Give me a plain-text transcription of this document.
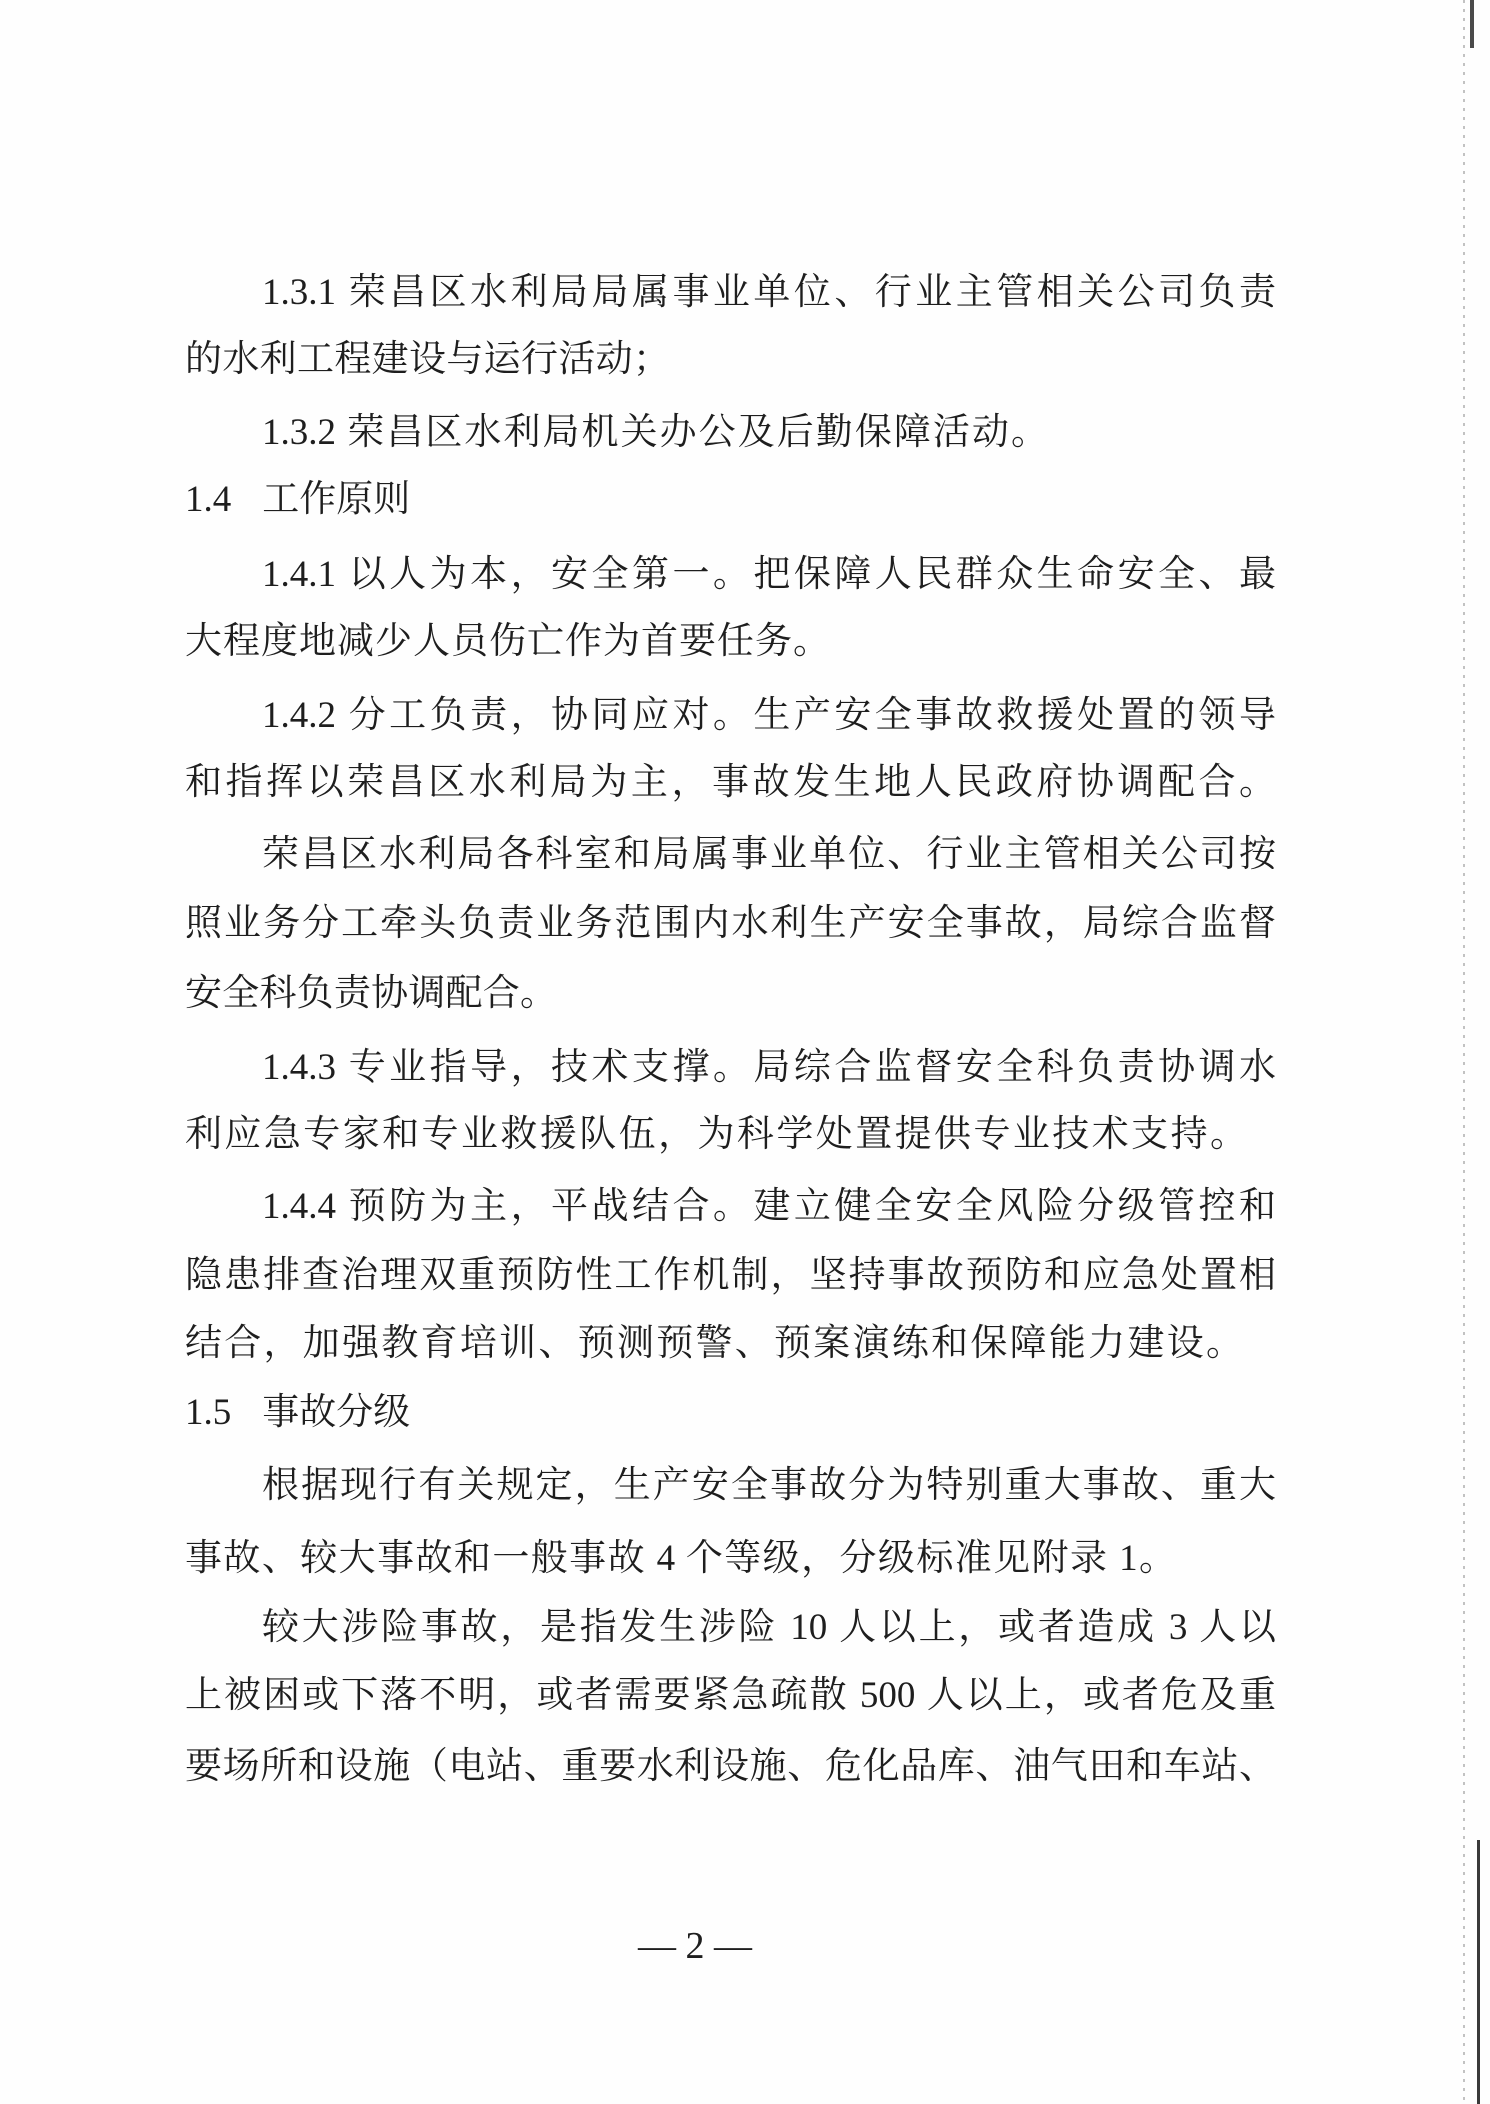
1.3.1 荣昌区水利局局属事业单位、行业主管相关公司负责
的水利工程建设与运行活动；
1.3.2 荣昌区水利局机关办公及后勤保障活动。
1.4 工作原则
1.4.1 以人为本，安全第一。把保障人民群众生命安全、最
大程度地减少人员伤亡作为首要任务。
1.4.2 分工负责，协同应对。生产安全事故救援处置的领导
和指挥以荣昌区水利局为主，事故发生地人民政府协调配合。
荣昌区水利局各科室和局属事业单位、行业主管相关公司按
照业务分工牵头负责业务范围内水利生产安全事故，局综合监督
安全科负责协调配合。
1.4.3 专业指导，技术支撑。局综合监督安全科负责协调水
利应急专家和专业救援队伍，为科学处置提供专业技术支持。
1.4.4 预防为主，平战结合。建立健全安全风险分级管控和
隐患排查治理双重预防性工作机制，坚持事故预防和应急处置相
结合，加强教育培训、预测预警、预案演练和保障能力建设。
1.5 事故分级
根据现行有关规定，生产安全事故分为特别重大事故、重大
事故、较大事故和一般事故 4 个等级，分级标准见附录 1。
较大涉险事故，是指发生涉险 10 人以上，或者造成 3 人以
上被困或下落不明，或者需要紧急疏散 500 人以上，或者危及重
要场所和设施（电站、重要水利设施、危化品库、油气田和车站、
— 2 —
